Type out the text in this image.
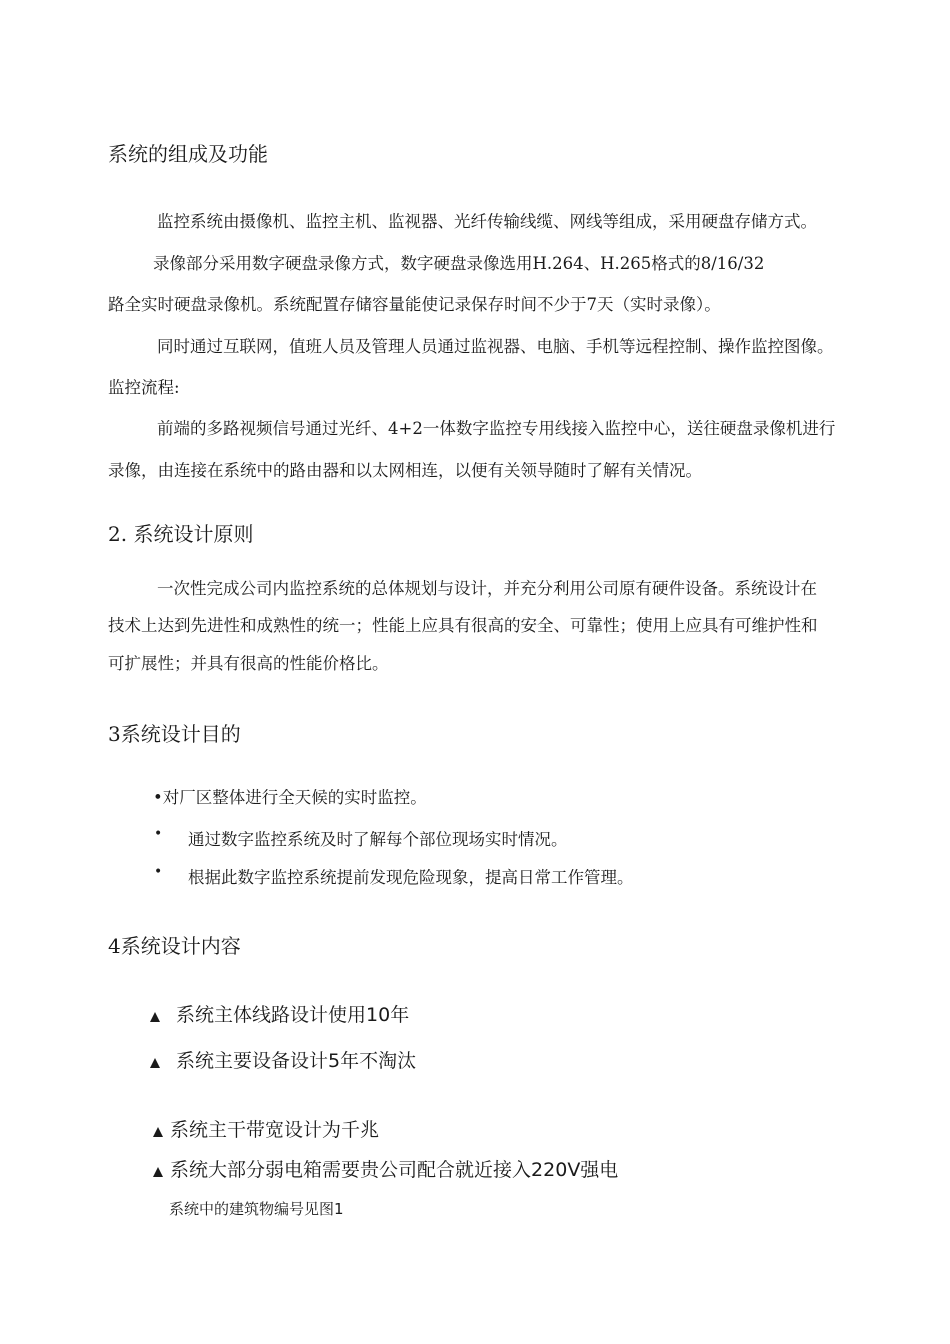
系统的组成及功能
监控系统由摄像机、监控主机、监视器、光纤传输线缆、网线等组成，采用硬盘存储方式。
录像部分采用数字硬盘录像方式，数字硬盘录像选用H.264、H.265格式的8/16/32
路全实时硬盘录像机。系统配置存储容量能使记录保存时间不少于7天（实时录像）。
同时通过互联网，值班人员及管理人员通过监视器、电脑、手机等远程控制、操作监控图像。
监控流程:
前端的多路视频信号通过光纤、4+2一体数字监控专用线接入监控中心，送往硬盘录像机进行
录像，由连接在系统中的路由器和以太网相连，以便有关领导随时了解有关情况。
2. 系统设计原则
一次性完成公司内监控系统的总体规划与设计，并充分利用公司原有硬件设备。系统设计在
技术上达到先进性和成熟性的统一；性能上应具有很高的安全、可靠性；使用上应具有可维护性和
可扩展性；并具有很高的性能价格比。
3系统设计目的
•对厂区整体进行全天候的实时监控。
• 通过数字监控系统及时了解每个部位现场实时情况。
• 根据此数字监控系统提前发现危险现象，提高日常工作管理。
4系统设计内容
系统主体线路设计使用10年
系统主要设备设计5年不淘汰
系统主干带宽设计为千兆
系统大部分弱电箱需要贵公司配合就近接入220V强电
系统中的建筑物编号见图1
